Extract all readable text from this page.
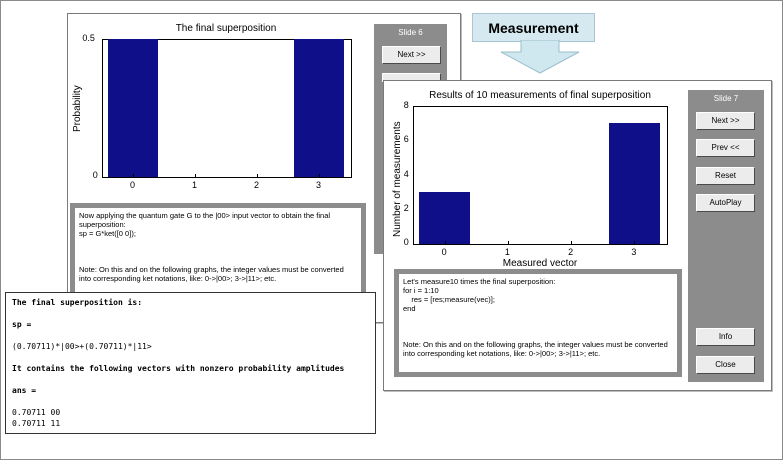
The final superposition
Probability
Slide 6
Next >>
Now applying the quantum gate G to the |00> input vector to obtain the final
superposition:
sp = G*ket([0 0]);
Note: On this and on the following graphs, the integer values must be converted
into corresponding ket notations, like: 0->|00>; 3->|11>; etc.
0	1	2	3
0
0.5
Measurement
Results of 10 measurements of final superposition
Number of measurements
Measured vector
Slide 7
Next >>
Prev <<
Reset
AutoPlay
Info
Close
Let's measure10 times the final superposition:
for i = 1:10
res = [res;measure(vec)];
end
Note: On this and on the following graphs, the integer values must be converted
into corresponding ket notations, like: 0->|00>; 3->|11>; etc.
0	1	2	3
0
2
4
6
8
The final superposition is:
sp =
(0.70711)*|00>+(0.70711)*|11>
It contains the following vectors with nonzero probability amplitudes
ans =
0.70711 00
0.70711 11
